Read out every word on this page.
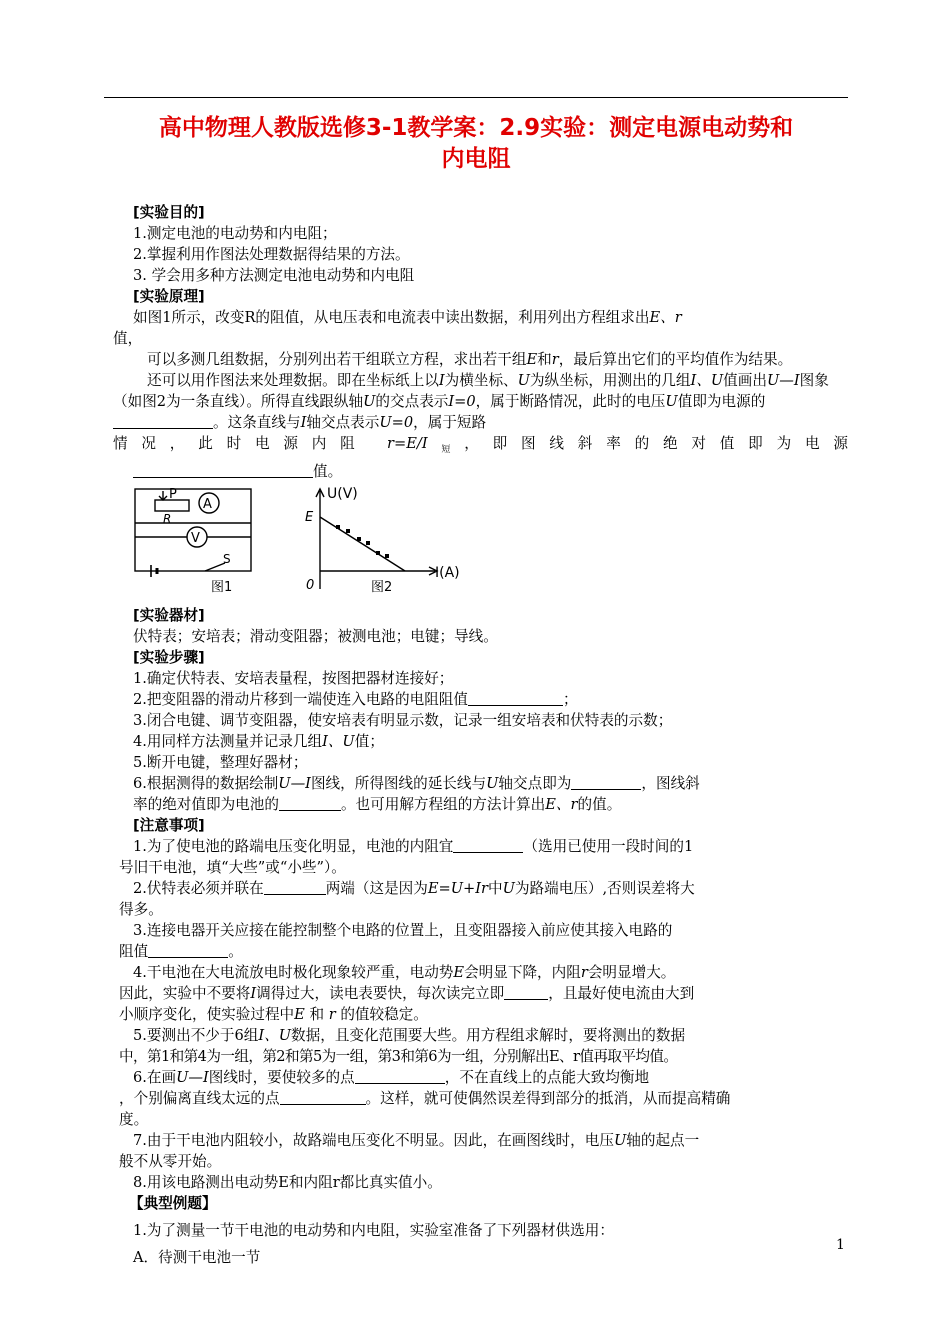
高中物理人教版选修3-1教学案：2.9实验：测定电源电动势和
内电阻

[实验目的]

1.测定电池的电动势和内电阻；

2.掌握利用作图法处理数据得结果的方法。

3. 学会用多种方法测定电池电动势和内电阻

[实验原理]

如图1所示，改变R的阻值，从电压表和电流表中读出数据，利用列出方程组求出E、r
值，

可以多测几组数据，分别列出若干组联立方程，求出若干组E和r，最后算出它们的平均值作为结果。

还可以用作图法来处理数据。即在坐标纸上以I为横坐标、U为纵坐标，用测出的几组I、U值画出U—I图象（如图2为一条直线）。所得直线跟纵轴U的交点表示I=0，属于断路情况，此时的电压U值即为电源的。这条直线与I轴交点表示U=0，属于短路

情况，此时电源内阻 $r=E/I_短$，即图线斜率的绝对值即为电源

值。

P
A
R
V
S
图1
U(V)
E
I(A)
0	图2

[实验器材]

伏特表；安培表；滑动变阻器；被测电池；电键；导线。

[实验步骤]

1.确定伏特表、安培表量程，按图把器材连接好；

2.把变阻器的滑动片移到一端使连入电路的电阻阻值	；

3.闭合电键、调节变阻器，使安培表有明显示数，记录一组安培表和伏特表的示数；

4.用同样方法测量并记录几组I、U值；

5.断开电键，整理好器材；

6.根据测得的数据绘制U—I图线，所得图线的延长线与U轴交点即为	，图线斜

率的绝对值即为电池的	。也可用解方程组的方法计算出E、r的值。

[注意事项]

1.为了使电池的路端电压变化明显，电池的内阻宜	（选用已使用一段时间的1
号旧干电池，填“大些”或“小些”）。

2.伏特表必须并联在	两端（这是因为E=U+Ir中U为路端电压）,否则误差将大
得多。

3.连接电器开关应接在能控制整个电路的位置上，且变阻器接入前应使其接入电路的
阻值	。

4.干电池在大电流放电时极化现象较严重，电动势E会明显下降，内阻r会明显增大。
因此，实验中不要将I调得过大，读电表要快，每次读完立即	，且最好使电流由大到
小顺序变化，使实验过程中E 和 r 的值较稳定。

5.要测出不少于6组I、U数据，且变化范围要大些。用方程组求解时，要将测出的数据
中，第1和第4为一组，第2和第5为一组，第3和第6为一组，分别解出E、r值再取平均值。

6.在画U—I图线时，要使较多的点	，不在直线上的点能大致均衡地
，个别偏离直线太远的点	。这样，就可使偶然误差得到部分的抵消，从而提高精确
度。

7.由于干电池内阻较小，故路端电压变化不明显。因此，在画图线时，电压U轴的起点一
般不从零开始。

8.用该电路测出电动势E和内阻r都比真实值小。

【典型例题】

1.为了测量一节干电池的电动势和内电阻，实验室准备了下列器材供选用：

A．待测干电池一节

1
